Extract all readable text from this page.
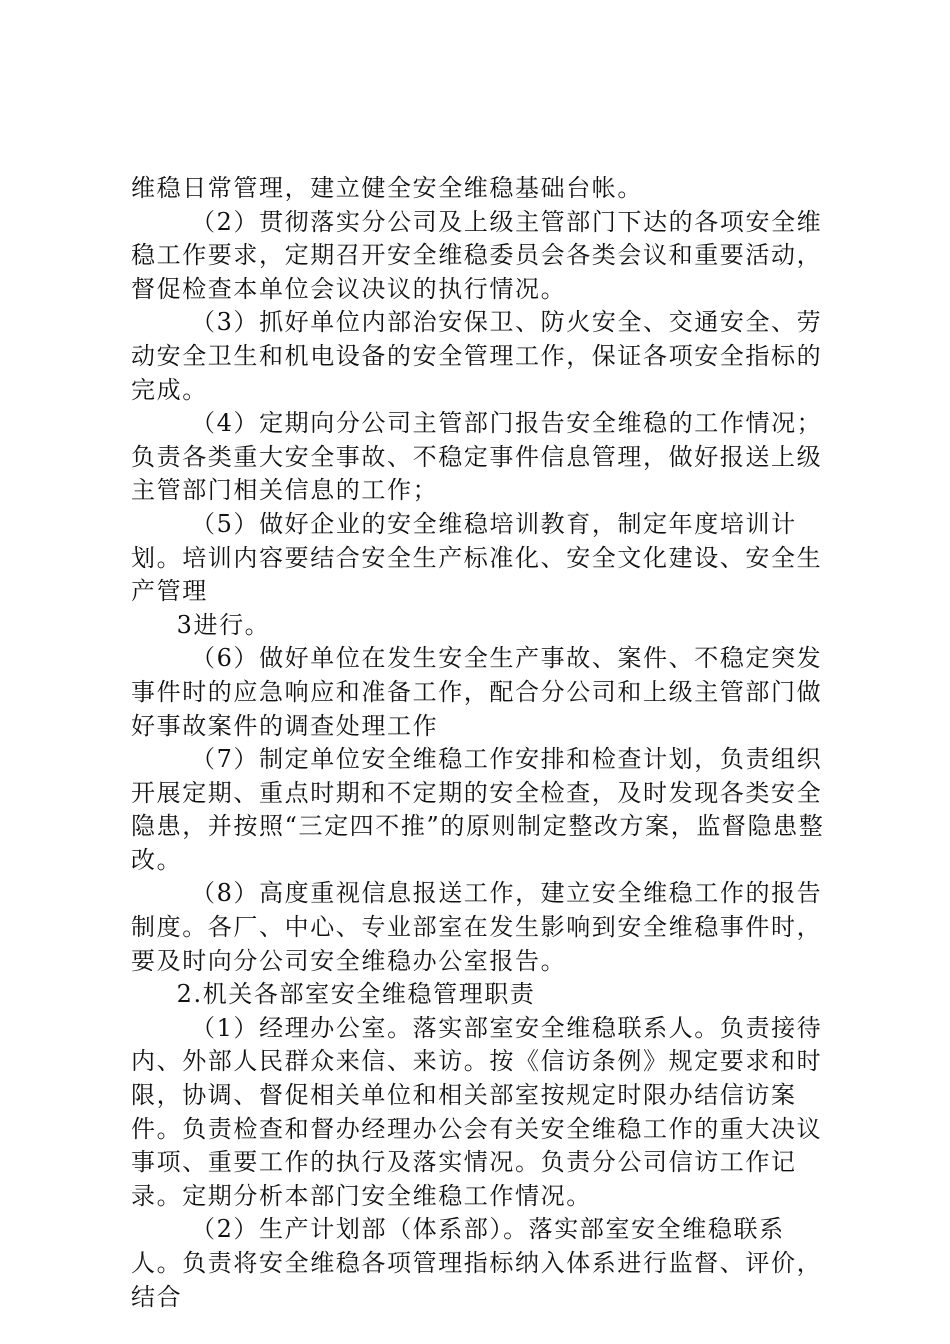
维稳日常管理，建立健全安全维稳基础台帐。

（2）贯彻落实分公司及上级主管部门下达的各项安全维稳工作要求，定期召开安全维稳委员会各类会议和重要活动，督促检查本单位会议决议的执行情况。

（3）抓好单位内部治安保卫、防火安全、交通安全、劳动安全卫生和机电设备的安全管理工作，保证各项安全指标的完成。

（4）定期向分公司主管部门报告安全维稳的工作情况；负责各类重大安全事故、不稳定事件信息管理，做好报送上级主管部门相关信息的工作；

（5）做好企业的安全维稳培训教育，制定年度培训计划。培训内容要结合安全生产标准化、安全文化建设、安全生产管理

3进行。

（6）做好单位在发生安全生产事故、案件、不稳定突发事件时的应急响应和准备工作，配合分公司和上级主管部门做好事故案件的调查处理工作

（7）制定单位安全维稳工作安排和检查计划，负责组织开展定期、重点时期和不定期的安全检查，及时发现各类安全隐患，并按照“三定四不推”的原则制定整改方案，监督隐患整改。

（8）高度重视信息报送工作，建立安全维稳工作的报告制度。各厂、中心、专业部室在发生影响到安全维稳事件时，要及时向分公司安全维稳办公室报告。

2.机关各部室安全维稳管理职责

（1）经理办公室。落实部室安全维稳联系人。负责接待内、外部人民群众来信、来访。按《信访条例》规定要求和时限，协调、督促相关单位和相关部室按规定时限办结信访案件。负责检查和督办经理办公会有关安全维稳工作的重大决议事项、重要工作的执行及落实情况。负责分公司信访工作记录。定期分析本部门安全维稳工作情况。

（2）生产计划部（体系部）。落实部室安全维稳联系人。负责将安全维稳各项管理指标纳入体系进行监督、评价，结合
